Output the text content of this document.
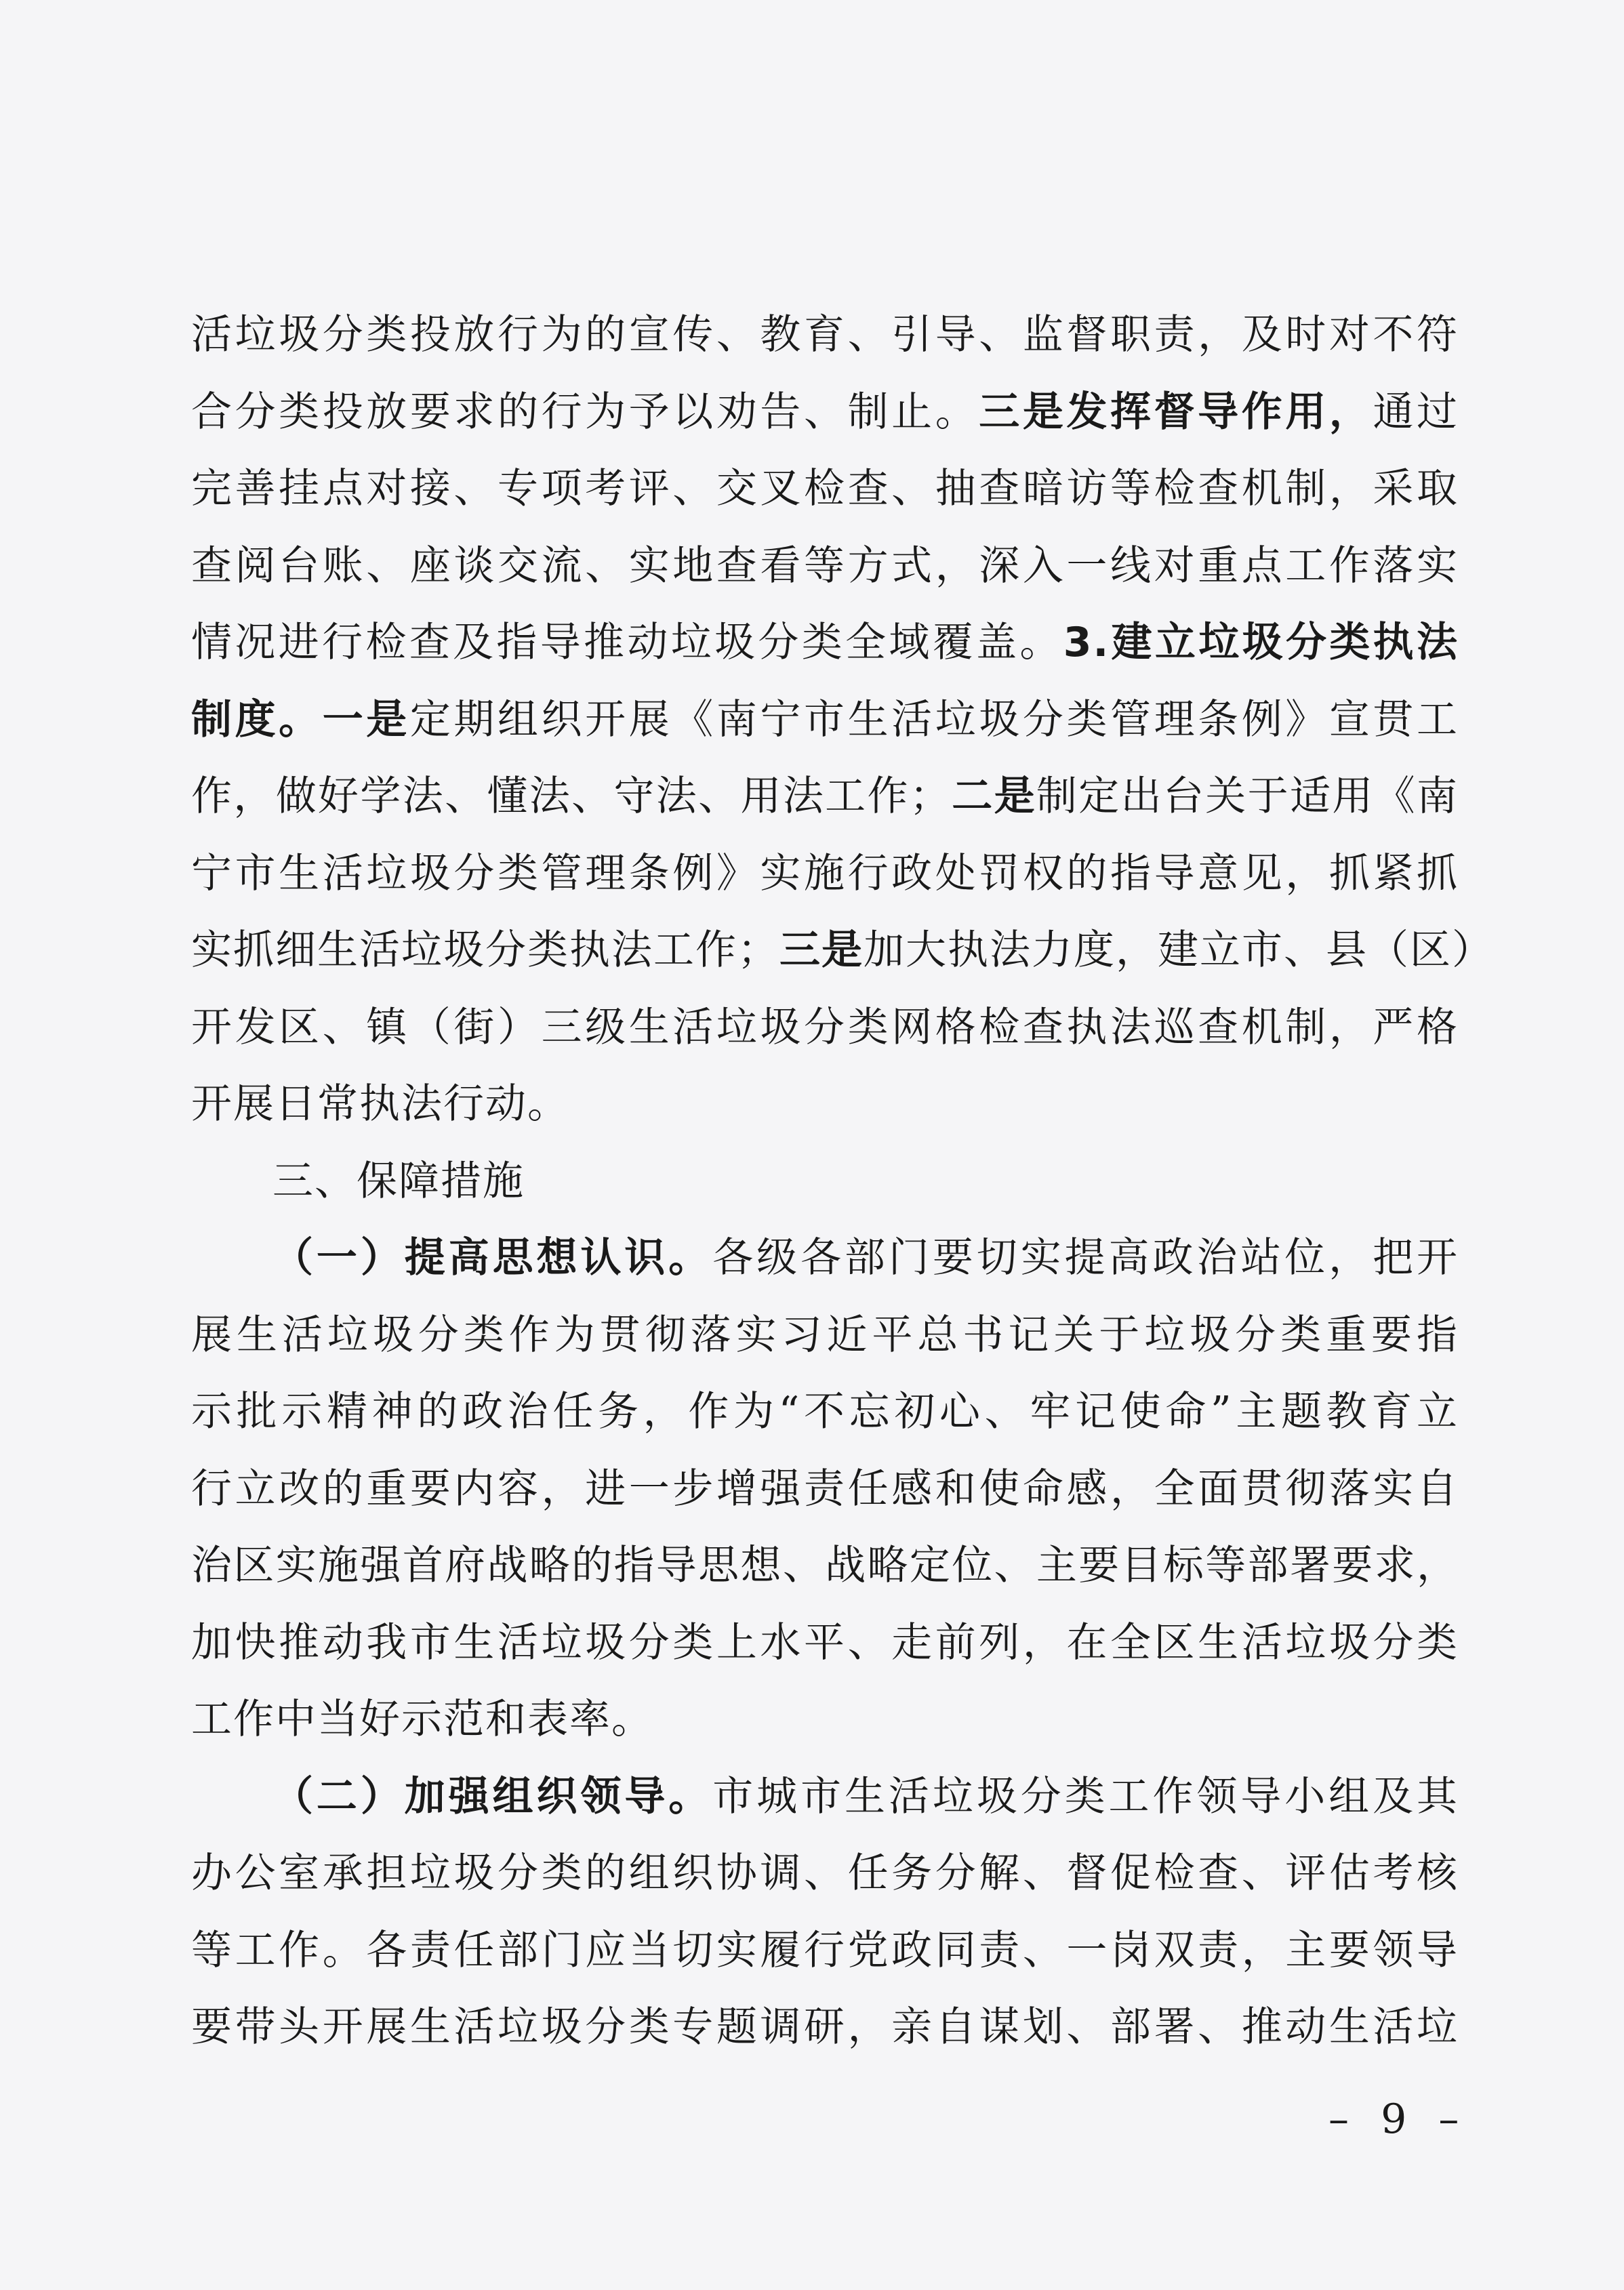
活垃圾分类投放行为的宣传、教育、引导、监督职责，及时对不符
合分类投放要求的行为予以劝告、制止。三是发挥督导作用，通过
完善挂点对接、专项考评、交叉检查、抽查暗访等检查机制，采取
查阅台账、座谈交流、实地查看等方式，深入一线对重点工作落实
情况进行检查及指导推动垃圾分类全域覆盖。3.建立垃圾分类执法
制度。一是定期组织开展《南宁市生活垃圾分类管理条例》宣贯工
作，做好学法、懂法、守法、用法工作；二是制定出台关于适用《南
宁市生活垃圾分类管理条例》实施行政处罚权的指导意见，抓紧抓
实抓细生活垃圾分类执法工作；三是加大执法力度，建立市、县（区）
开发区、镇（街）三级生活垃圾分类网格检查执法巡查机制，严格
开展日常执法行动。
三、保障措施
（一）提高思想认识。各级各部门要切实提高政治站位，把开
展生活垃圾分类作为贯彻落实习近平总书记关于垃圾分类重要指
示批示精神的政治任务，作为“不忘初心、牢记使命”主题教育立
行立改的重要内容，进一步增强责任感和使命感，全面贯彻落实自
治区实施强首府战略的指导思想、战略定位、主要目标等部署要求，
加快推动我市生活垃圾分类上水平、走前列，在全区生活垃圾分类
工作中当好示范和表率。
（二）加强组织领导。市城市生活垃圾分类工作领导小组及其
办公室承担垃圾分类的组织协调、任务分解、督促检查、评估考核
等工作。各责任部门应当切实履行党政同责、一岗双责，主要领导
要带头开展生活垃圾分类专题调研，亲自谋划、部署、推动生活垃
– 9 –
